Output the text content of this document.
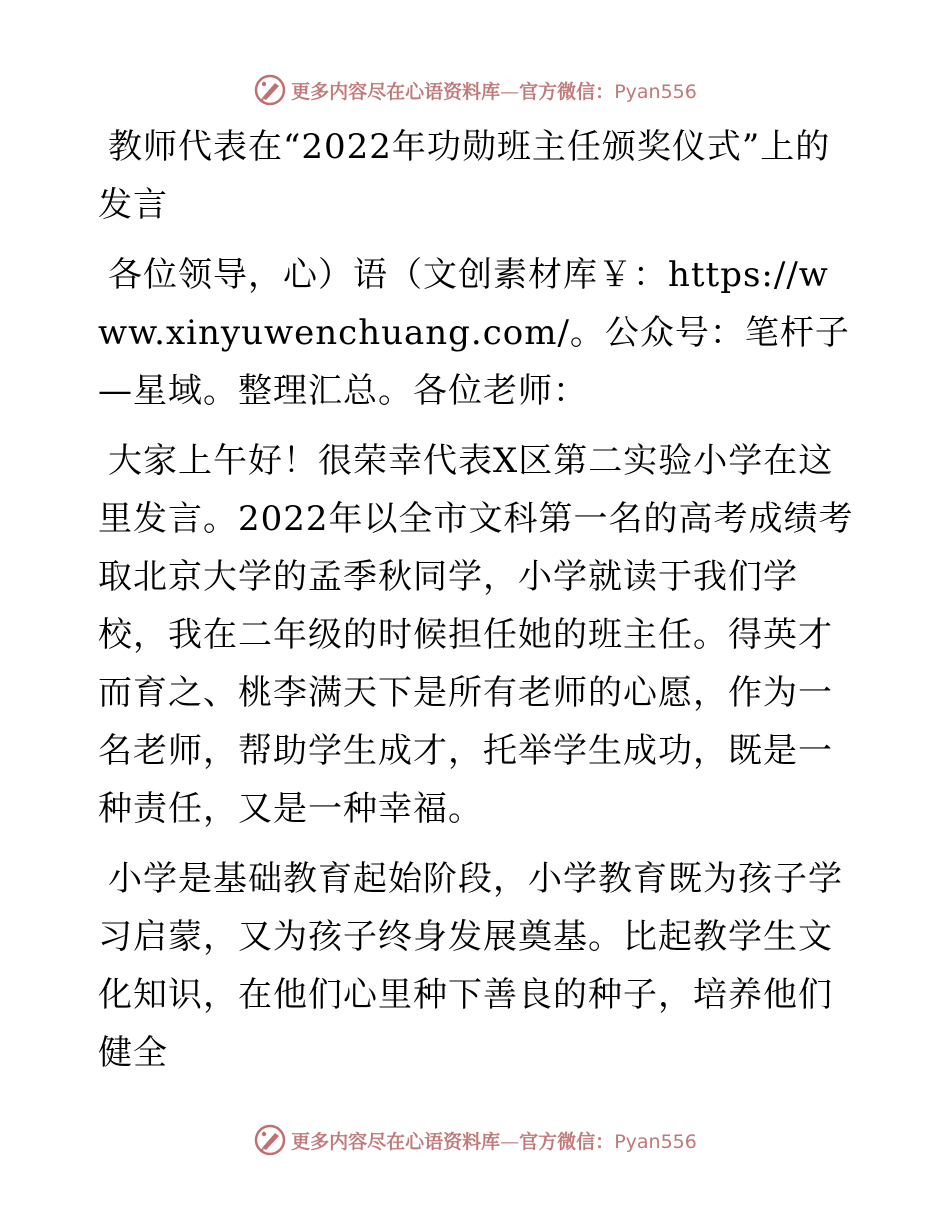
更多内容尽在心语资料库—官方微信：Pyan556

教师代表在“2022年功勋班主任颁奖仪式”上的发言

各位领导，心）语（文创素材库￥：https://www.xinyuwenchuang.com/。公众号：笔杆子—星域。整理汇总。各位老师：

大家上午好！很荣幸代表X区第二实验小学在这里发言。2022年以全市文科第一名的高考成绩考取北京大学的孟季秋同学，小学就读于我们学校，我在二年级的时候担任她的班主任。得英才而育之、桃李满天下是所有老师的心愿，作为一名老师，帮助学生成才，托举学生成功，既是一种责任，又是一种幸福。

小学是基础教育起始阶段，小学教育既为孩子学习启蒙，又为孩子终身发展奠基。比起教学生文化知识，在他们心里种下善良的种子，培养他们健全

更多内容尽在心语资料库—官方微信：Pyan556
